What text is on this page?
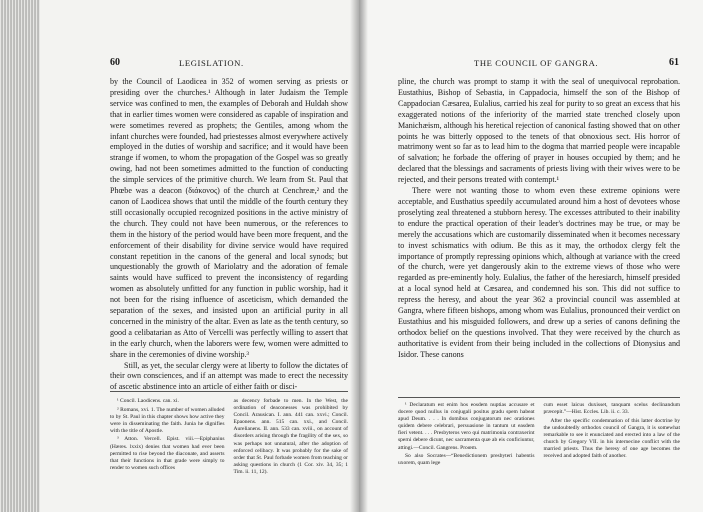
60	LEGISLATION.

by the Council of Laodicea in 352 of women serving as priests or presiding over the churches.¹ Although in later Judaism the Temple service was confined to men, the examples of Deborah and Huldah show that in earlier times women were considered as capable of inspiration and were sometimes revered as prophets; the Gentiles, among whom the infant churches were founded, had priestesses almost everywhere actively employed in the duties of worship and sacrifice; and it would have been strange if women, to whom the propagation of the Gospel was so greatly owing, had not been sometimes admitted to the function of conducting the simple services of the primitive church. We learn from St. Paul that Phœbe was a deacon (διάκονος) of the church at Cenchreæ,² and the canon of Laodicea shows that until the middle of the fourth century they still occasionally occupied recognized positions in the active ministry of the church. They could not have been numerous, or the references to them in the history of the period would have been more frequent, and the enforcement of their disability for divine service would have required constant repetition in the canons of the general and local synods; but unquestionably the growth of Mariolatry and the adoration of female saints would have sufficed to prevent the inconsistency of regarding women as absolutely unfitted for any function in public worship, had it not been for the rising influence of asceticism, which demanded the separation of the sexes, and insisted upon an artificial purity in all concerned in the ministry of the altar. Even as late as the tenth century, so good a celibatarian as Atto of Vercelli was perfectly willing to assert that in the early church, when the laborers were few, women were admitted to share in the ceremonies of divine worship.³

Still, as yet, the secular clergy were at liberty to follow the dictates of their own consciences, and if an attempt was made to erect the necessity of ascetic abstinence into an article of either faith or disci-

¹ Concil. Laodicens. can. xi.

² Romans, xvi. 1. The number of women alluded to by St. Paul in this chapter shows how active they were in disseminating the faith. Junia he dignifies with the title of Apostle.

³ Atton. Vercell. Epist. viii.—Epiphanius (Hæres. lxxix) denies that women had ever been permitted to rise beyond the diaconate, and asserts that their functions in that grade were simply to render to women such offices

as decency forbade to men. In the West, the ordination of deaconesses was prohibited by Concil. Arausican. I. ann. 441 can. xxvi.; Concil. Epaonens. ann. 515 can. xxi., and Concil. Aurelianens. II. ann. 533 can. xviii., on account of disorders arising through the fragility of the sex, so was perhaps not unnatural, after the adoption of enforced celibacy. It was probably for the sake of order that St. Paul forbade women from teaching or asking questions in church (1 Cor. xiv. 34, 35; 1 Tim. ii. 11, 12).

THE COUNCIL OF GANGRA.	61

pline, the church was prompt to stamp it with the seal of unequivocal reprobation. Eustathius, Bishop of Sebastia, in Cappadocia, himself the son of the Bishop of Cappadocian Cæsarea, Eulalius, carried his zeal for purity to so great an excess that his exaggerated notions of the inferiority of the married state trenched closely upon Manichæism, although his heretical rejection of canonical fasting showed that on other points he was bitterly opposed to the tenets of that obnoxious sect. His horror of matrimony went so far as to lead him to the dogma that married people were incapable of salvation; he forbade the offering of prayer in houses occupied by them; and he declared that the blessings and sacraments of priests living with their wives were to be rejected, and their persons treated with contempt.¹

There were not wanting those to whom even these extreme opinions were acceptable, and Eusthatius speedily accumulated around him a host of devotees whose proselyting zeal threatened a stubborn heresy. The excesses attributed to their inability to endure the practical operation of their leader's doctrines may be true, or may be merely the accusations which are customarily disseminated when it becomes necessary to invest schismatics with odium. Be this as it may, the orthodox clergy felt the importance of promptly repressing opinions which, although at variance with the creed of the church, were yet dangerously akin to the extreme views of those who were regarded as pre-eminently holy. Eulalius, the father of the heresiarch, himself presided at a local synod held at Cæsarea, and condemned his son. This did not suffice to repress the heresy, and about the year 362 a provincial council was assembled at Gangra, where fifteen bishops, among whom was Eulalius, pronounced their verdict on Eustathius and his misguided followers, and drew up a series of canons defining the orthodox belief on the questions involved. That they were received by the church as authoritative is evident from their being included in the collections of Dionysius and Isidor. These canons

¹ Declaratum est enim hos eosdem nuptias accusare et docere quod nullus in conjugali positus gradu spem habeat apud Deum. . . . In domibus conjugatorum nec orationes quidem debere celebrari, persuasione in tantum ut easdem fieri vetent. . . . Presbyteros vero qui matrimonia contraxerint sperni debere dicunt, nec sacramenta quæ ab eis conficiuntur, attingi.—Concil. Gangrens. Proœm.

So also Socrates—“Benedictionem presbyteri habentis uxorem, quam lege

cum esset laicus duxisset, tanquam scelus declinandum præcepit.”—Hist. Eccles. Lib. ii. c. 33.

After the specific condemnation of this latter doctrine by the undoubtedly orthodox council of Gangra, it is somewhat remarkable to see it enunciated and erected into a law of the church by Gregory VII. in his internecine conflict with the married priests. Thus the heresy of one age becomes the received and adopted faith of another.
